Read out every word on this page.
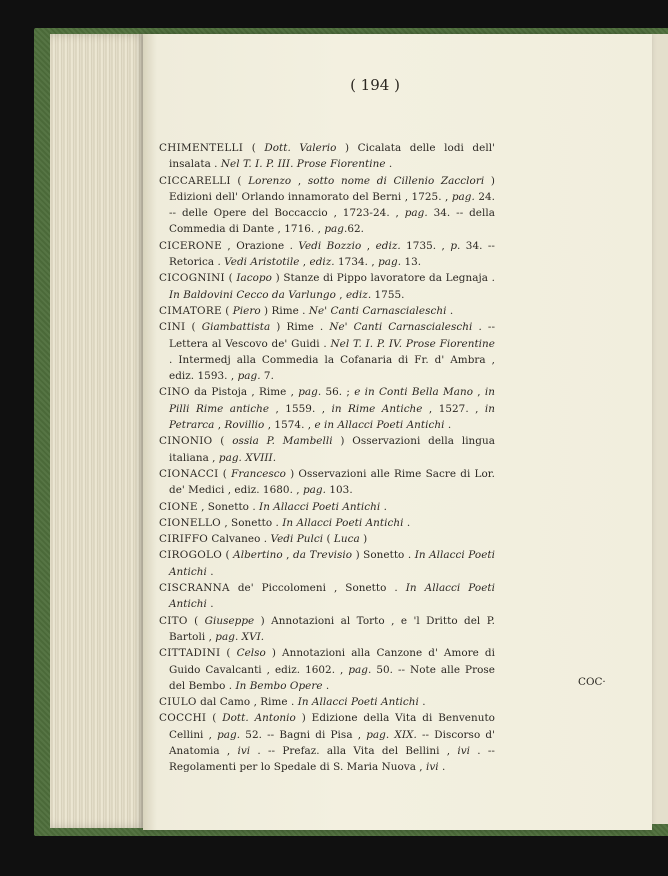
( 194 )

CHIMENTELLI ( Dott. Valerio ) Cicalata delle lodi dell' insalata . Nel T. I. P. III. Prose Fiorentine .

CICCARELLI ( Lorenzo , sotto nome di Cillenio Zacclori ) Edizioni dell' Orlando innamorato del Berni , 1725. , pag. 24. -- delle Opere del Boccaccio , 1723-24. , pag. 34. -- della Commedia di Dante , 1716. , pag.62.

CICERONE , Orazione . Vedi Bozzio , ediz. 1735. , p. 34. -- Retorica . Vedi Aristotile , ediz. 1734. , pag. 13.

CICOGNINI ( Iacopo ) Stanze di Pippo lavoratore da Legnaja . In Baldovini Cecco da Varlungo , ediz. 1755.

CIMATORE ( Piero ) Rime . Ne' Canti Carnascialeschi .

CINI ( Giambattista ) Rime . Ne' Canti Carnascialeschi . -- Lettera al Vescovo de' Guidi . Nel T. I. P. IV. Prose Fiorentine . Intermedj alla Commedia la Cofanaria di Fr. d' Ambra , ediz. 1593. , pag. 7.

CINO da Pistoja , Rime , pag. 56. ; e in Conti Bella Mano , in Pilli Rime antiche , 1559. , in Rime Antiche , 1527. , in Petrarca , Rovillio , 1574. , e in Allacci Poeti Antichi .

CINONIO ( ossia P. Mambelli ) Osservazioni della lingua italiana , pag. XVIII.

CIONACCI ( Francesco ) Osservazioni alle Rime Sacre di Lor. de' Medici , ediz. 1680. , pag. 103.

CIONE , Sonetto . In Allacci Poeti Antichi .

CIONELLO , Sonetto . In Allacci Poeti Antichi .

CIRIFFO Calvaneo . Vedi Pulci ( Luca )

CIROGOLO ( Albertino , da Trevisio ) Sonetto . In Allacci Poeti Antichi .

CISCRANNA de' Piccolomeni , Sonetto . In Allacci Poeti Antichi .

CITO ( Giuseppe ) Annotazioni al Torto , e 'l Dritto del P. Bartoli , pag. XVI.

CITTADINI ( Celso ) Annotazioni alla Canzone d' Amore di Guido Cavalcanti , ediz. 1602. , pag. 50. -- Note alle Prose del Bembo . In Bembo Opere .

CIULO dal Camo , Rime . In Allacci Poeti Antichi .

COCCHI ( Dott. Antonio ) Edizione della Vita di Benvenuto Cellini , pag. 52. -- Bagni di Pisa , pag. XIX. -- Discorso d' Anatomia , ivi . -- Prefaz. alla Vita del Bellini , ivi . -- Regolamenti per lo Spedale di S. Maria Nuova , ivi .

COC·
